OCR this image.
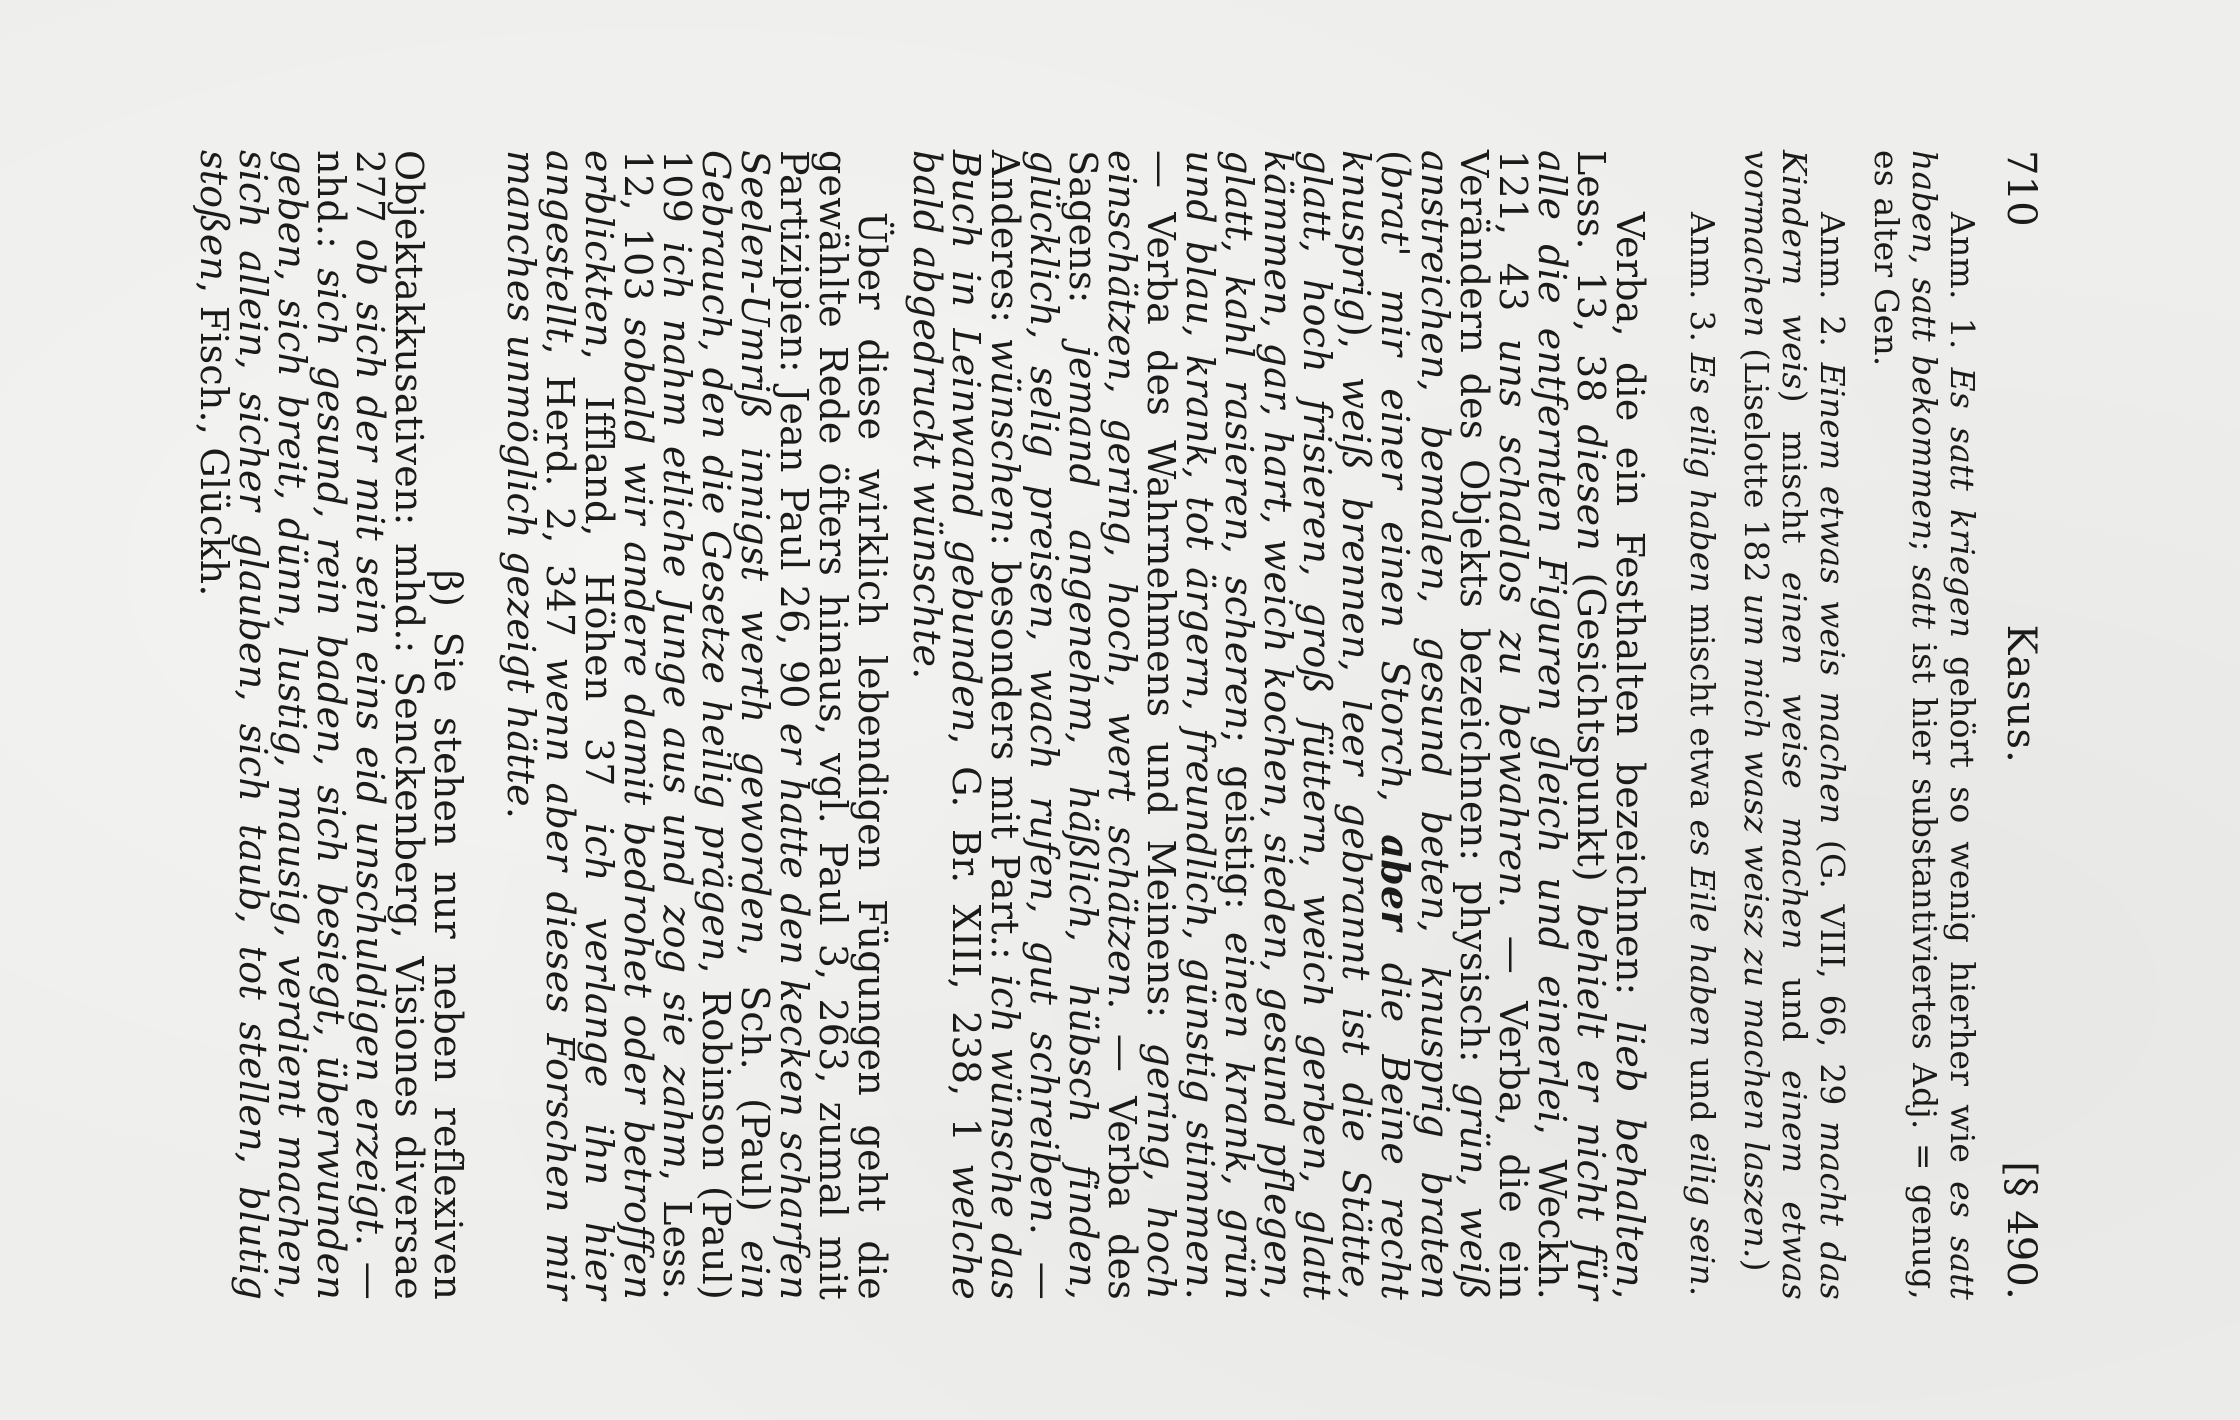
710
Kasus.
[§ 490.

Anm. 1. Es satt kriegen gehört so wenig hierher wie es satt haben, satt bekommen; satt ist hier substantiviertes Adj. = genug, es alter Gen.

Anm. 2. Einem etwas weis machen (G. VIII, 66, 29 macht das Kindern weis) mischt einen weise machen und einem etwas vormachen (Liselotte 182 um mich wasz weisz zu machen laszen.)

Anm. 3. Es eilig haben mischt etwa es Eile haben und eilig sein.

Verba, die ein Festhalten bezeichnen: lieb behalten, Less. 13, 38 diesen (Gesichtspunkt) behielt er nicht für alle die entfernten Figuren gleich und einerlei, Weckh. 121, 43 uns schadlos zu bewahren. — Verba, die ein Verändern des Objekts bezeichnen: physisch: grün, weiß anstreichen, bemalen, gesund beten, knusprig braten (brat' mir einer einen Storch, aber die Beine recht knusprig), weiß brennen, leer gebrannt ist die Stätte, glatt, hoch frisieren, groß füttern, weich gerben, glatt kämmen, gar, hart, weich kochen, sieden, gesund pflegen, glatt, kahl rasieren, scheren; geistig: einen krank, grün und blau, krank, tot ärgern, freundlich, günstig stimmen. — Verba des Wahrnehmens und Meinens: gering, hoch einschätzen, gering, hoch, wert schätzen. — Verba des Sagens: jemand angenehm, häßlich, hübsch finden, glücklich, selig preisen, wach rufen, gut schreiben. — Anderes: wünschen: besonders mit Part.: ich wünsche das Buch in Leinwand gebunden, G. Br. XIII, 238, 1 welche bald abgedruckt wünschte.

Über diese wirklich lebendigen Fügungen geht die gewählte Rede öfters hinaus, vgl. Paul 3, 263, zumal mit Partizipien: Jean Paul 26, 90 er hatte den kecken scharfen Seelen-Umriß innigst werth geworden, Sch. (Paul) ein Gebrauch, den die Gesetze heilig prägen, Robinson (Paul) 109 ich nahm etliche Junge aus und zog sie zahm, Less. 12, 103 sobald wir andere damit bedrohet oder betroffen erblickten, Iffland, Höhen 37 ich verlange ihn hier angestellt, Herd. 2, 347 wenn aber dieses Forschen mir manches unmöglich gezeigt hätte.

β) Sie stehen nur neben reflexiven Objektakkusativen: mhd.: Senckenberg, Visiones diversae 277 ob sich der mit sein eins eid unschuldigen erzeigt. — nhd.: sich gesund, rein baden, sich besiegt, überwunden geben, sich breit, dünn, lustig, mausig, verdient machen, sich allein, sicher glauben, sich taub, tot stellen, blutig stoßen, Fisch., Glückh.
